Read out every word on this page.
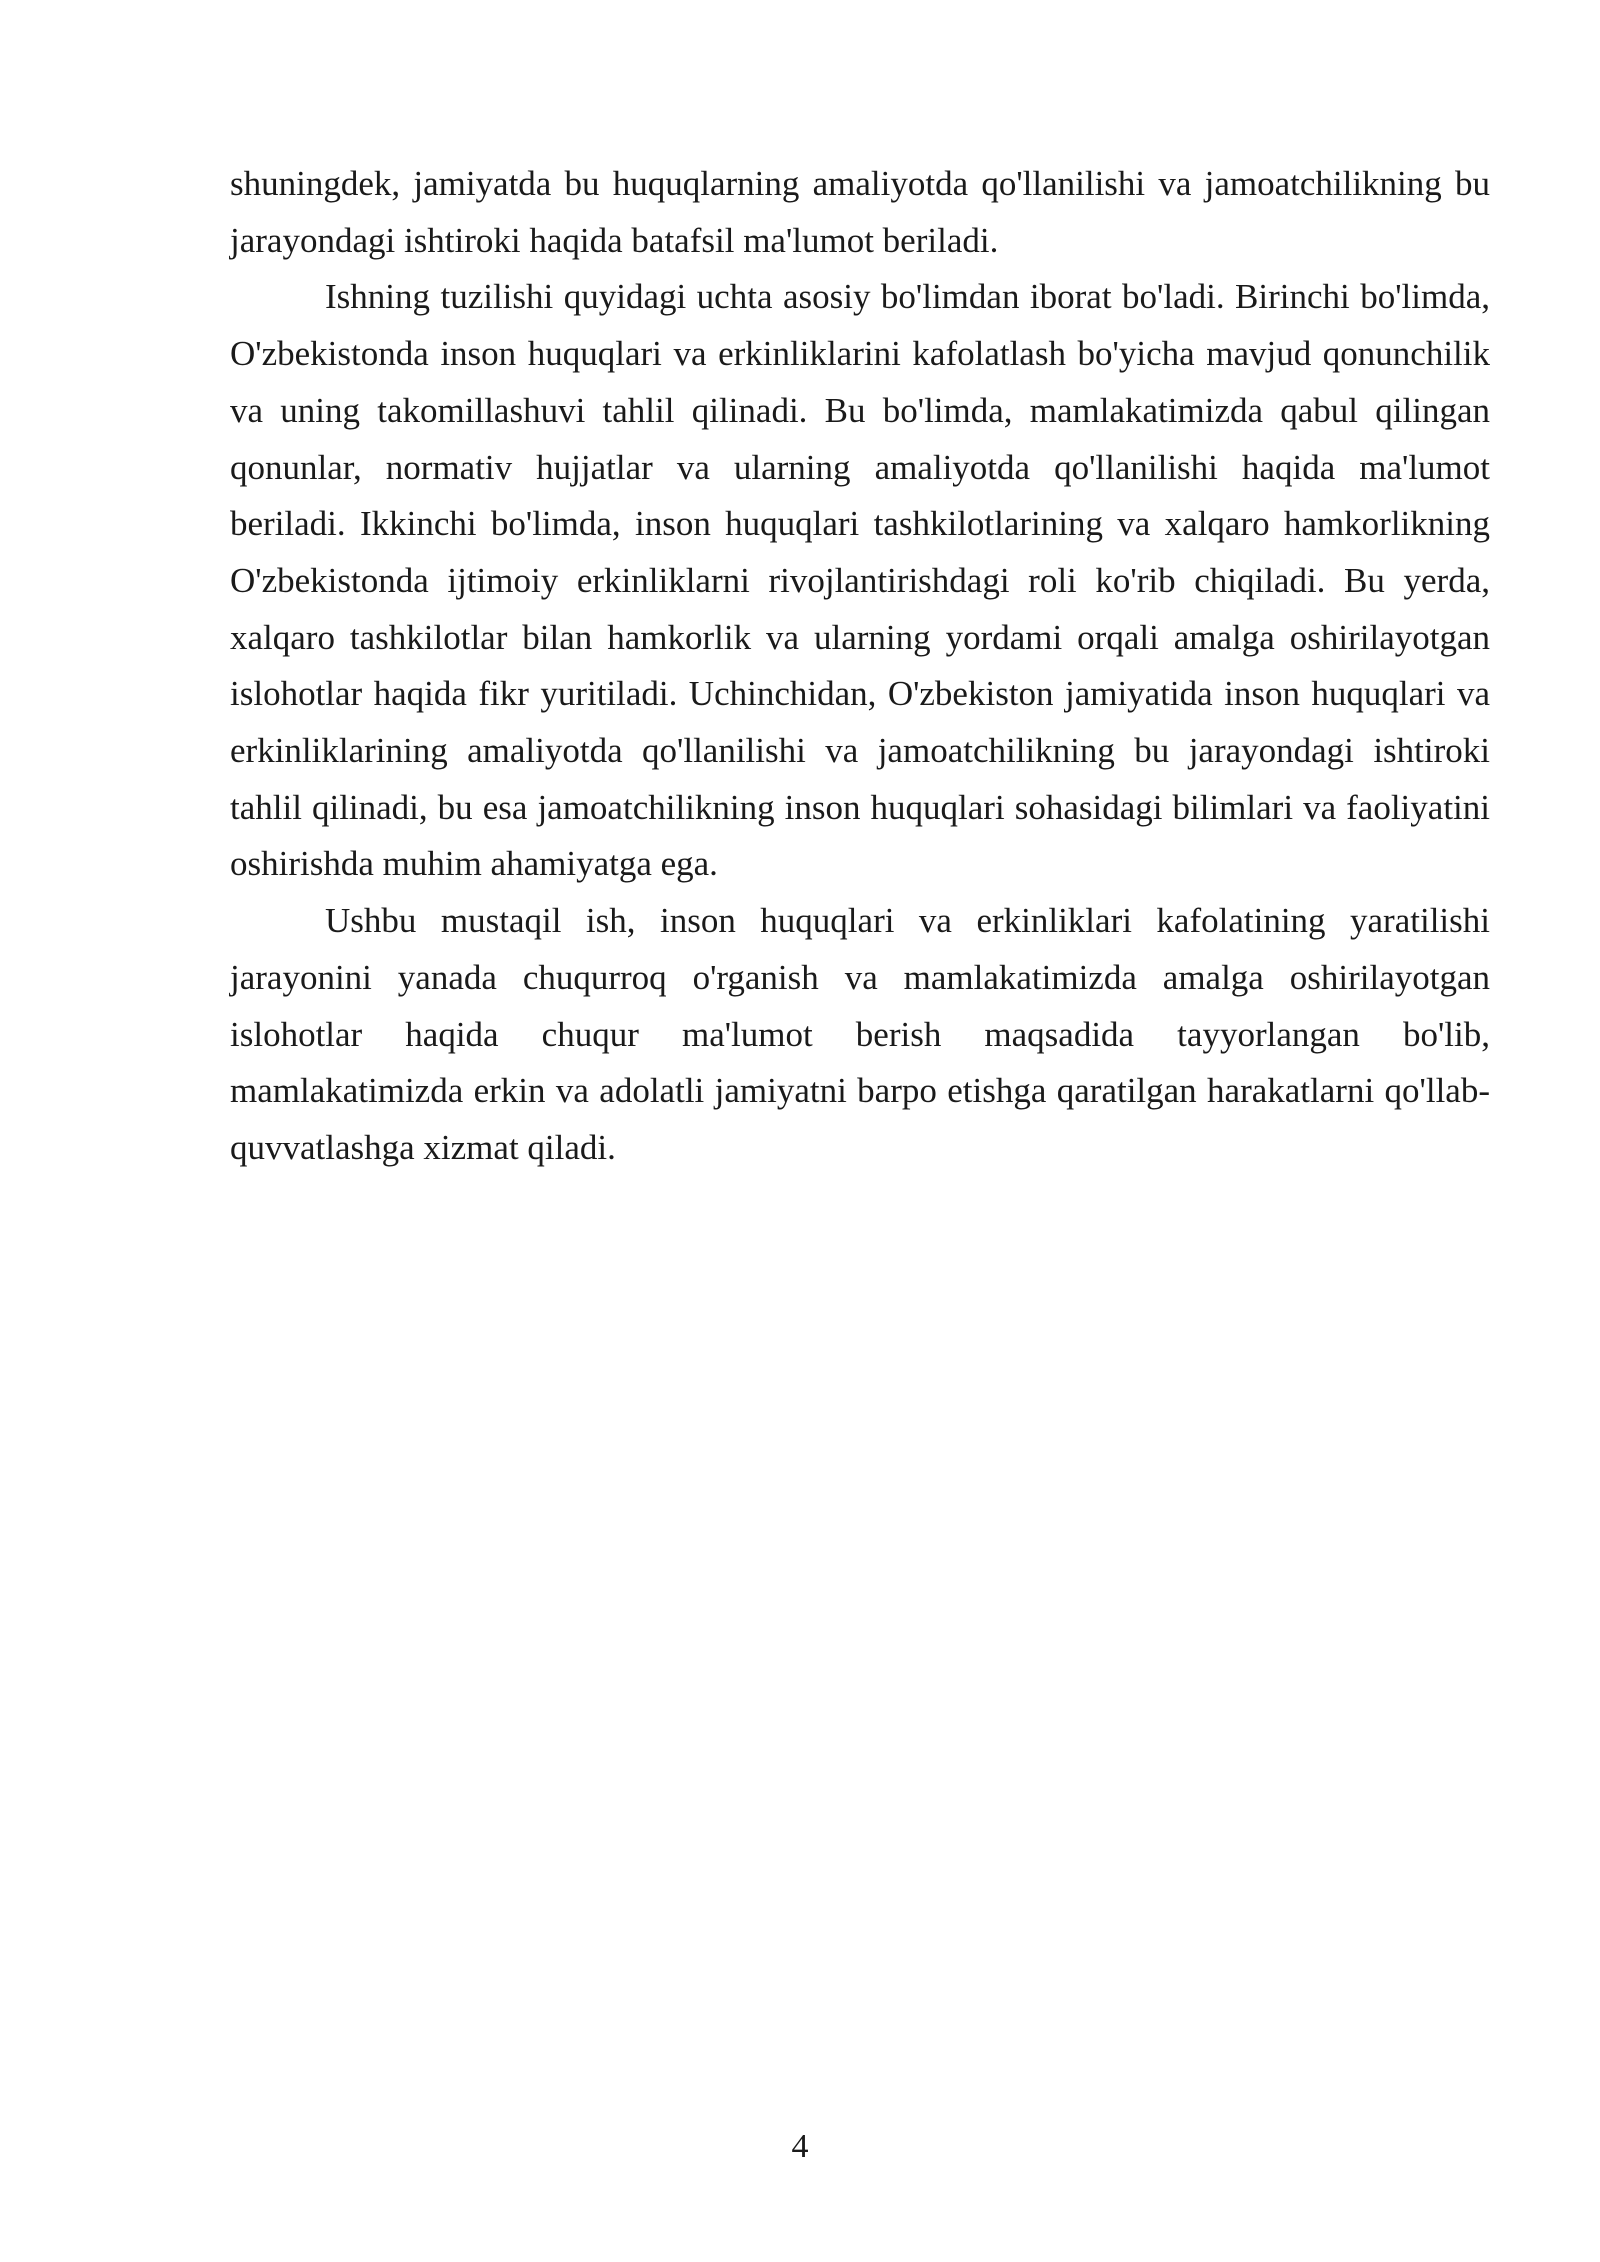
shuningdek, jamiyatda bu huquqlarning amaliyotda qo'llanilishi va jamoatchilikning bu jarayondagi ishtiroki haqida batafsil ma'lumot beriladi.

Ishning tuzilishi quyidagi uchta asosiy bo'limdan iborat bo'ladi. Birinchi bo'limda, O'zbekistonda inson huquqlari va erkinliklarini kafolatlash bo'yicha mavjud qonunchilik va uning takomillashuvi tahlil qilinadi. Bu bo'limda, mamlakatimizda qabul qilingan qonunlar, normativ hujjatlar va ularning amaliyotda qo'llanilishi haqida ma'lumot beriladi. Ikkinchi bo'limda, inson huquqlari tashkilotlarining va xalqaro hamkorlikning O'zbekistonda ijtimoiy erkinliklarni rivojlantirishdagi roli ko'rib chiqiladi. Bu yerda, xalqaro tashkilotlar bilan hamkorlik va ularning yordami orqali amalga oshirilayotgan islohotlar haqida fikr yuritiladi. Uchinchidan, O'zbekiston jamiyatida inson huquqlari va erkinliklarining amaliyotda qo'llanilishi va jamoatchilikning bu jarayondagi ishtiroki tahlil qilinadi, bu esa jamoatchilikning inson huquqlari sohasidagi bilimlari va faoliyatini oshirishda muhim ahamiyatga ega.

Ushbu mustaqil ish, inson huquqlari va erkinliklari kafolatining yaratilishi jarayonini yanada chuqurroq o'rganish va mamlakatimizda amalga oshirilayotgan islohotlar haqida chuqur ma'lumot berish maqsadida tayyorlangan bo'lib, mamlakatimizda erkin va adolatli jamiyatni barpo etishga qaratilgan harakatlarni qo'llab-quvvatlashga xizmat qiladi.

4
